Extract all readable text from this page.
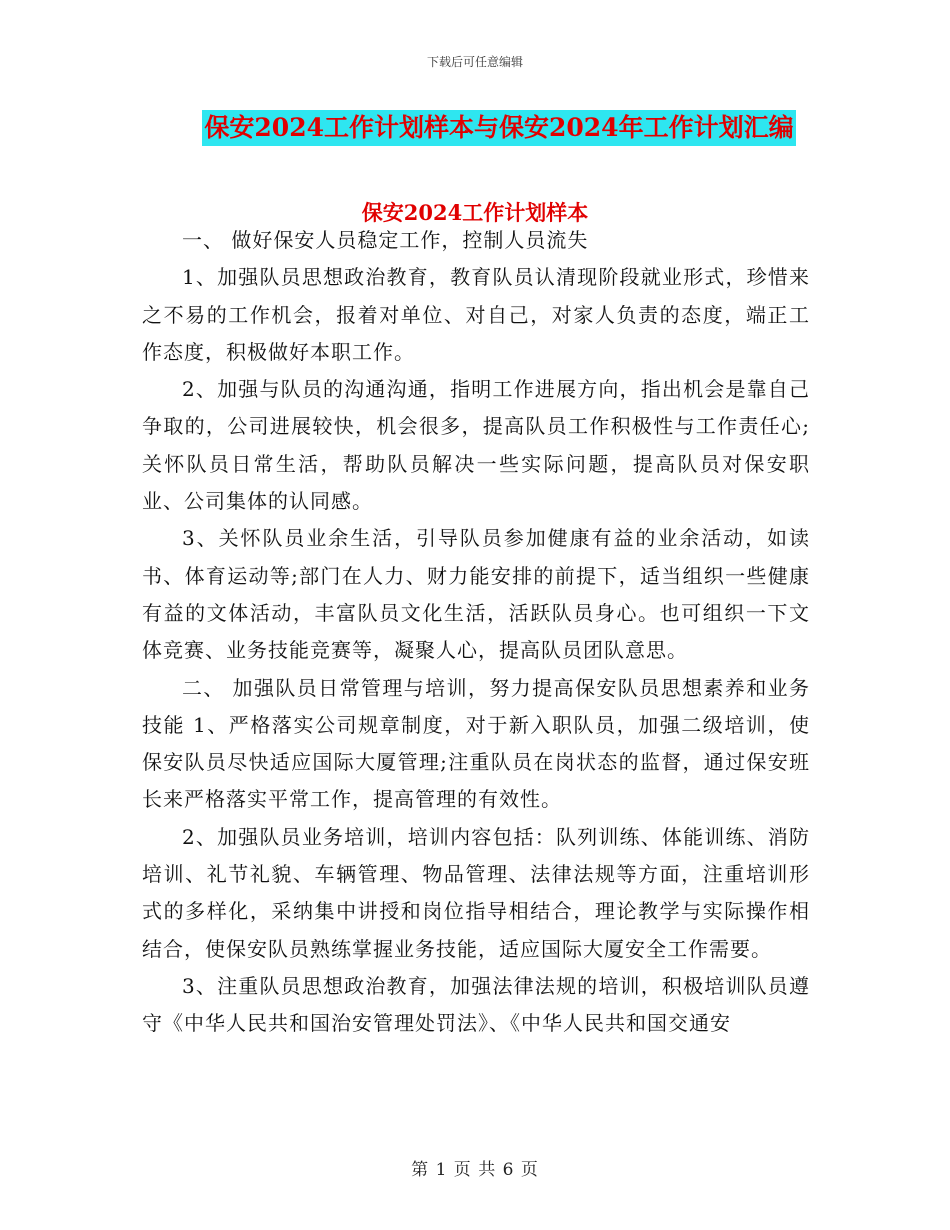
下载后可任意编辑
保安2024工作计划样本与保安2024年工作计划汇编
保安2024工作计划样本

一、 做好保安人员稳定工作，控制人员流失

1、加强队员思想政治教育，教育队员认清现阶段就业形式，珍惜来之不易的工作机会，报着对单位、对自己，对家人负责的态度，端正工作态度，积极做好本职工作。

2、加强与队员的沟通沟通，指明工作进展方向，指出机会是靠自己争取的，公司进展较快，机会很多，提高队员工作积极性与工作责任心;关怀队员日常生活，帮助队员解决一些实际问题，提高队员对保安职业、公司集体的认同感。

3、关怀队员业余生活，引导队员参加健康有益的业余活动，如读书、体育运动等;部门在人力、财力能安排的前提下，适当组织一些健康有益的文体活动，丰富队员文化生活，活跃队员身心。也可组织一下文体竞赛、业务技能竞赛等，凝聚人心，提高队员团队意思。

二、 加强队员日常管理与培训，努力提高保安队员思想素养和业务技能 1、严格落实公司规章制度，对于新入职队员，加强二级培训，使保安队员尽快适应国际大厦管理;注重队员在岗状态的监督，通过保安班长来严格落实平常工作，提高管理的有效性。

2、加强队员业务培训，培训内容包括：队列训练、体能训练、消防培训、礼节礼貌、车辆管理、物品管理、法律法规等方面，注重培训形式的多样化，采纳集中讲授和岗位指导相结合，理论教学与实际操作相结合，使保安队员熟练掌握业务技能，适应国际大厦安全工作需要。

3、注重队员思想政治教育，加强法律法规的培训，积极培训队员遵守《中华人民共和国治安管理处罚法》、《中华人民共和国交通安

第 1 页 共 6 页
